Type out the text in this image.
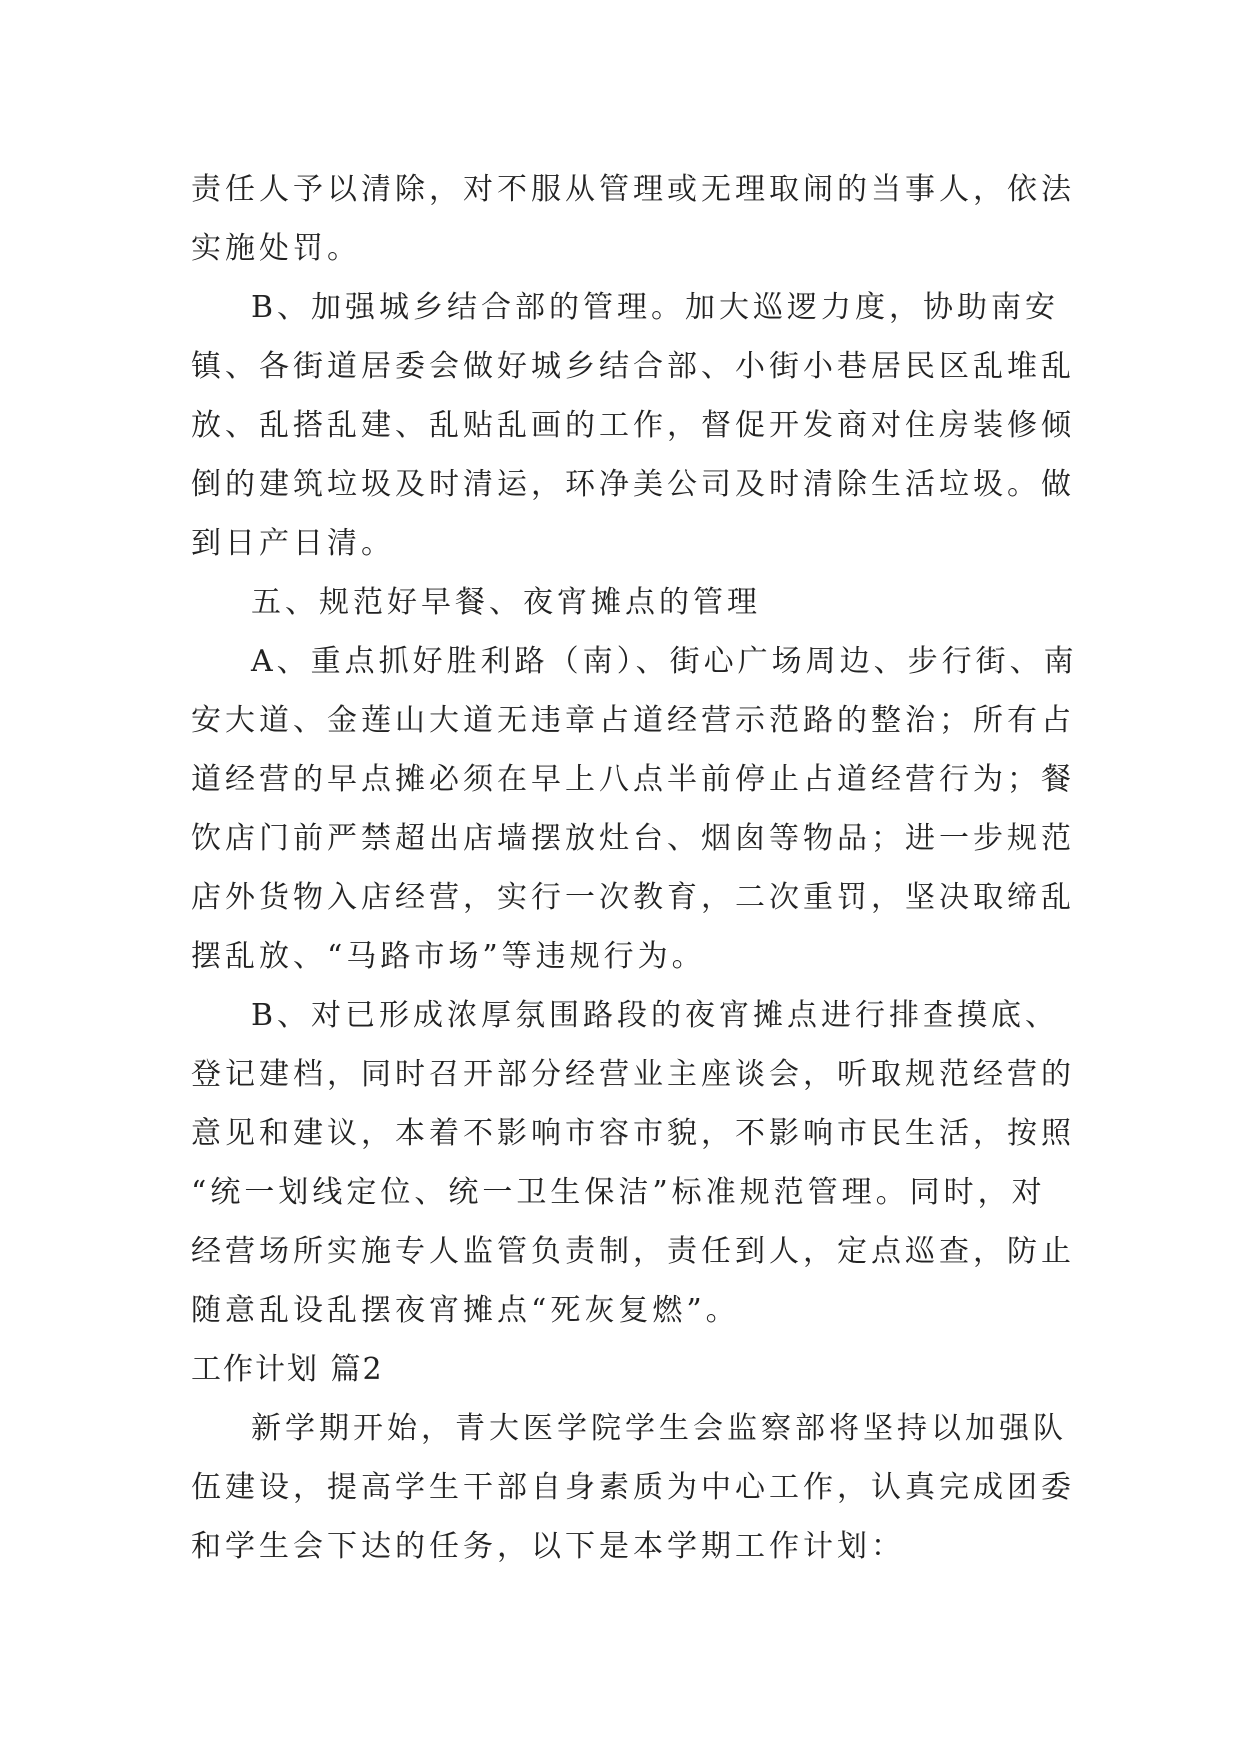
责任人予以清除，对不服从管理或无理取闹的当事人，依法
实施处罚。
B、加强城乡结合部的管理。加大巡逻力度，协助南安
镇、各街道居委会做好城乡结合部、小街小巷居民区乱堆乱
放、乱搭乱建、乱贴乱画的工作，督促开发商对住房装修倾
倒的建筑垃圾及时清运，环净美公司及时清除生活垃圾。做
到日产日清。
五、规范好早餐、夜宵摊点的管理
A、重点抓好胜利路（南）、街心广场周边、步行街、南
安大道、金莲山大道无违章占道经营示范路的整治；所有占
道经营的早点摊必须在早上八点半前停止占道经营行为；餐
饮店门前严禁超出店墙摆放灶台、烟囱等物品；进一步规范
店外货物入店经营，实行一次教育，二次重罚，坚决取缔乱
摆乱放、“马路市场”等违规行为。
B、对已形成浓厚氛围路段的夜宵摊点进行排查摸底、
登记建档，同时召开部分经营业主座谈会，听取规范经营的
意见和建议，本着不影响市容市貌，不影响市民生活，按照
“统一划线定位、统一卫生保洁”标准规范管理。同时，对
经营场所实施专人监管负责制，责任到人，定点巡查，防止
随意乱设乱摆夜宵摊点“死灰复燃”。
工作计划 篇2
新学期开始，青大医学院学生会监察部将坚持以加强队
伍建设，提高学生干部自身素质为中心工作，认真完成团委
和学生会下达的任务，以下是本学期工作计划：
